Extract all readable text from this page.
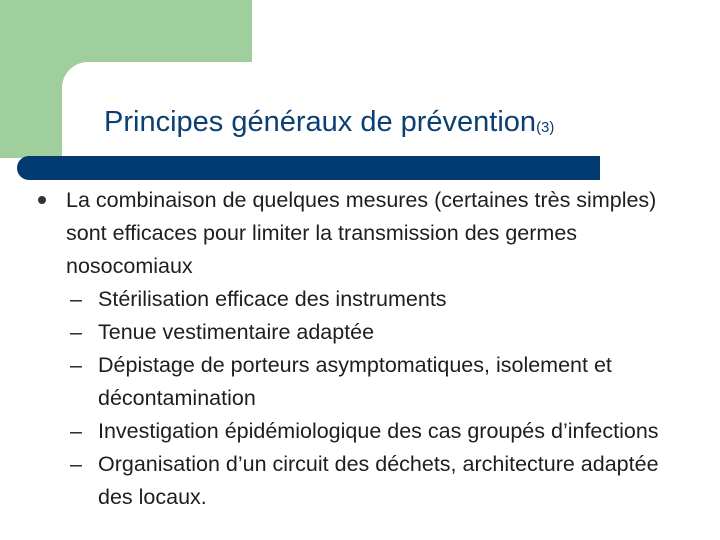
Principes généraux de prévention(3)
La combinaison de quelques mesures (certaines très simples) sont efficaces pour limiter la transmission des germes nosocomiaux
– Stérilisation efficace des instruments
– Tenue vestimentaire adaptée
– Dépistage de porteurs asymptomatiques, isolement et décontamination
– Investigation épidémiologique des cas groupés d’infections
– Organisation d’un circuit des déchets, architecture adaptée des locaux.
